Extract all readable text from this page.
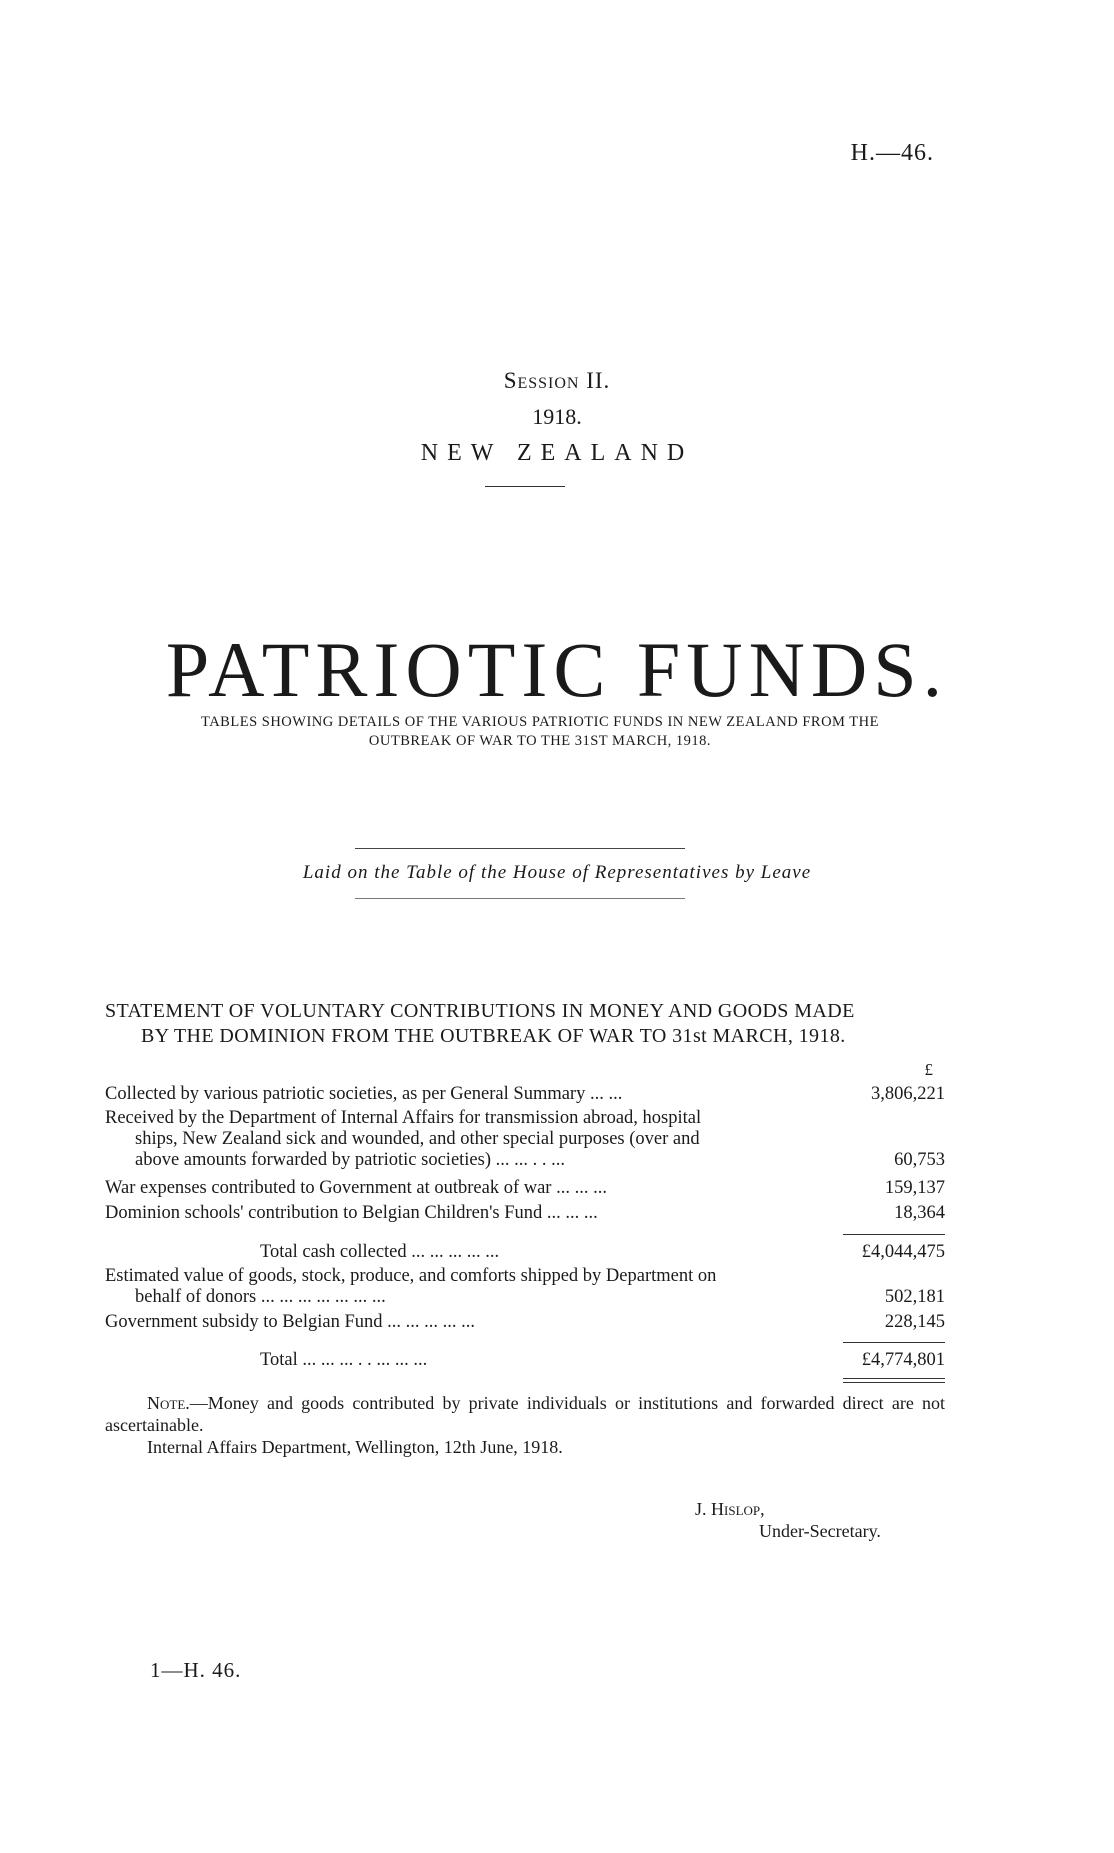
H.—46.
Session II.
1918.
NEW ZEALAND
PATRIOTIC FUNDS.
TABLES SHOWING DETAILS OF THE VARIOUS PATRIOTIC FUNDS IN NEW ZEALAND FROM THE
OUTBREAK OF WAR TO THE 31ST MARCH, 1918.
Laid on the Table of the House of Representatives by Leave
STATEMENT OF VOLUNTARY CONTRIBUTIONS IN MONEY AND GOODS MADE
BY THE DOMINION FROM THE OUTBREAK OF WAR TO 31st MARCH, 1918.
£
Collected by various patriotic societies, as per General Summary ... ...	3,806,221
Received by the Department of Internal Affairs for transmission abroad, hospital
ships, New Zealand sick and wounded, and other special purposes (over and
above amounts forwarded by patriotic societies) ... ... . . ...	60,753
War expenses contributed to Government at outbreak of war ... ... ...	159,137
Dominion schools' contribution to Belgian Children's Fund ... ... ...	18,364
Total cash collected ... ... ... ... ...	£4,044,475
Estimated value of goods, stock, produce, and comforts shipped by Department on
behalf of donors ... ... ... ... ... ... ...	502,181
Government subsidy to Belgian Fund ... ... ... ... ...	228,145
Total ... ... ... . . ... ... ...	£4,774,801

Note.—Money and goods contributed by private individuals or institutions and forwarded direct are not ascertainable.

Internal Affairs Department, Wellington, 12th June, 1918.

J. Hislop,
Under-Secretary.
1—H. 46.
